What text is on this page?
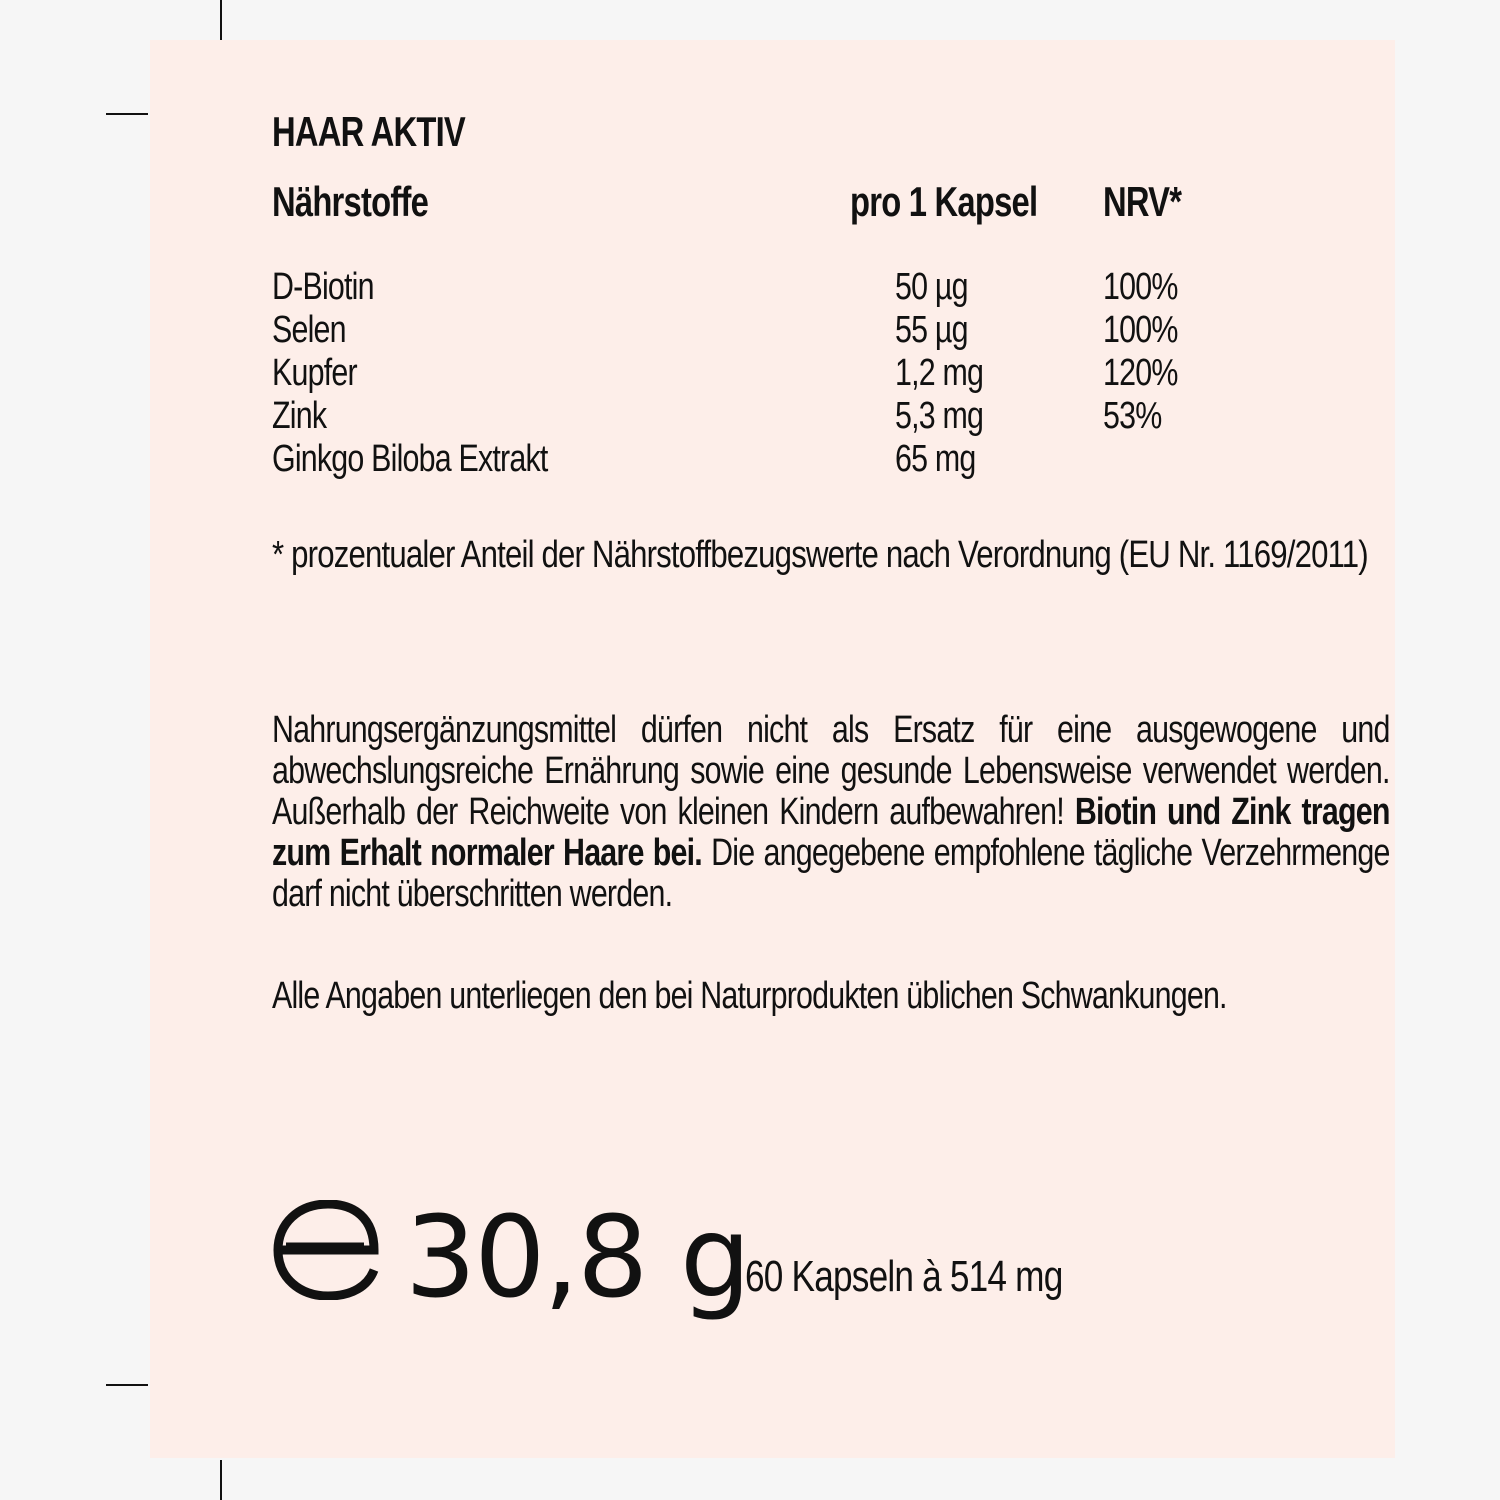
HAAR AKTIV
Nährstoffe	pro 1 Kapsel	NRV*
D-Biotin	50 µg	100%
Selen	55 µg	100%
Kupfer	1,2 mg	120%
Zink	5,3 mg	53%
Ginkgo Biloba Extrakt	65 mg
* prozentualer Anteil der Nährstoffbezugswerte nach Verordnung (EU Nr. 1169/2011)
Nahrungsergänzungsmittel dürfen nicht als Ersatz für eine ausgewogene und abwechslungsreiche Ernährung sowie eine gesunde Lebensweise verwendet werden. Außerhalb der Reichweite von kleinen Kindern aufbewahren! Biotin und Zink tragen zum Erhalt normaler Haare bei. Die angegebene empfohlene tägliche Verzehrmenge darf nicht überschritten werden.
Alle Angaben unterliegen den bei Naturprodukten üblichen Schwankungen.
30,8 g
60 Kapseln à 514 mg
